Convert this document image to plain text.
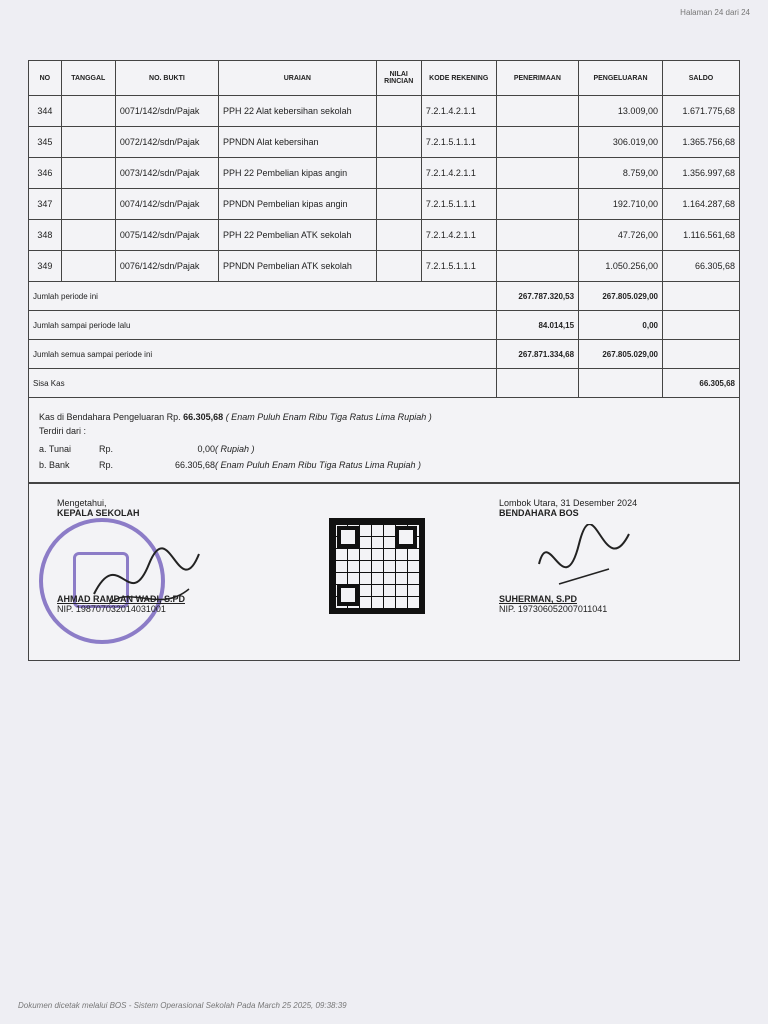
Halaman 24 dari 24
NO	TANGGAL	NO. BUKTI	URAIAN	NILAI RINCIAN	KODE REKENING	PENERIMAAN	PENGELUARAN	SALDO
344		0071/142/sdn/Pajak	PPH 22 Alat kebersihan sekolah		7.2.1.4.2.1.1		13.009,00	1.671.775,68
345		0072/142/sdn/Pajak	PPNDN Alat kebersihan		7.2.1.5.1.1.1		306.019,00	1.365.756,68
346		0073/142/sdn/Pajak	PPH 22 Pembelian kipas angin		7.2.1.4.2.1.1		8.759,00	1.356.997,68
347		0074/142/sdn/Pajak	PPNDN Pembelian kipas angin		7.2.1.5.1.1.1		192.710,00	1.164.287,68
348		0075/142/sdn/Pajak	PPH 22 Pembelian ATK sekolah		7.2.1.4.2.1.1		47.726,00	1.116.561,68
349		0076/142/sdn/Pajak	PPNDN Pembelian ATK sekolah		7.2.1.5.1.1.1		1.050.256,00	66.305,68
Jumlah periode ini						267.787.320,53	267.805.029,00	
Jumlah sampai periode lalu						84.014,15	0,00	
Jumlah semua sampai periode ini						267.871.334,68	267.805.029,00	
Sisa Kas								66.305,68
Kas di Bendahara Pengeluaran Rp. 66.305,68 ( Enam Puluh Enam Ribu Tiga Ratus Lima Rupiah )
Terdiri dari :
a. Tunai	Rp.	0,00 ( Rupiah )
b. Bank	Rp.	66.305,68 ( Enam Puluh Enam Ribu Tiga Ratus Lima Rupiah )
Mengetahui,
KEPALA SEKOLAH
AHMAD RAMDAN WADI, S.PD
NIP. 198707032014031001
Lombok Utara, 31 Desember 2024
BENDAHARA BOS
SUHERMAN, S.PD
NIP. 197306052007011041
Dokumen dicetak melalui BOS - Sistem Operasional Sekolah Pada March 25 2025, 09:38:39
